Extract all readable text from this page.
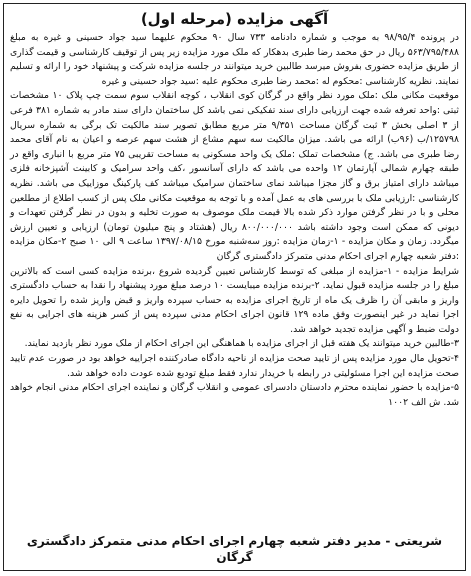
آگهی مزایده (مرحله اول)

در پرونده ۹۸/۹۵/۴ به موجب و شماره دادنامه ۷۳۳ سال ۹۰ محکوم علیهما سید جواد حسینی و غیره به مبلغ ۵۶۳/۷۹۵/۴۸۸ ریال در حق محمد رضا طبری بدهکار که ملک مورد مزایده زیر پس از توقیف کارشناسی و قیمت گذاری از طریق مزایده حضوری بفروش میرسد طالبین خرید میتوانند در جلسه مزایده شرکت و پیشنهاد خود را ارائه و تسلیم نمایند. نظریه کارشناسی :محکوم له :محمد رضا طبری محکوم علیه :سید جواد حسینی و غیره

موقعیت مکانی ملک :ملک مورد نظر واقع در گرگان کوی انقلاب ، کوچه انقلاب سوم سمت چپ پلاک ۱۰ مشخصات ثبتی :واحد تعرفه شده جهت ارزیابی دارای سند تفکیکی نمی باشد کل ساختمان دارای سند مادر به شماره ۳۸۱ فرعی از ۳ اصلی بخش ۳ ثبت گرگان مساحت ۹/۳۵۱ متر مربع مطابق تصویر سند مالکیت تک برگی به شماره سریال ۱۲۵۷۹۸/ب (۹۶ب) ارائه می باشد. میزان مالکیت سه سهم مشاع از هشت سهم عرصه و اعیان به نام آقای محمد رضا طبری می باشد. ج) مشخصات تملک :ملک یک واحد مسکونی به مساحت تقریبی ۷۵ متر مربع با انباری واقع در طبقه چهارم شمالی آپارتمان ۱۲ واحده می باشد که دارای آسانسور ،کف واحد سرامیک و کابینت آشپزخانه فلزی میباشد دارای امتیاز برق و گاز مجزا میباشد نمای ساختمان سرامیک میباشد کف پارکینگ موزاییک می باشد. نظریه کارشناسی :ارزیابی ملک با بررسی های به عمل آمده و با توجه به موقعیت مکانی ملک پس از کسب اطلاع از مطلعین محلی و با در نظر گرفتن موارد ذکر شده بالا قیمت ملک موصوف به صورت تخلیه و بدون در نظر گرفتن تعهدات و دیونی که ممکن است وجود داشته باشد ۸۰۰/۰۰۰/۰۰۰ ریال (هشتاد و پنج میلیون تومان) ارزیابی و تعیین ارزش میگردد. زمان و مکان مزایده - ۱-زمان مزایده :روز سه‌شنبه مورخ ۱۳۹۷/۰۸/۱۵ ساعت ۹ الی ۱۰ صبح ۲-مکان مزایده :دفتر شعبه چهارم اجرای احکام مدنی متمرکز دادگستری گرگان

شرایط مزایده - ۱-مزایده از مبلغی که توسط کارشناس تعیین گردیده شروع ،برنده مزایده کسی است که بالاترین مبلغ را در جلسه مزایده قبول نماید. ۲-برنده مزایده میبایست ۱۰ درصد مبلغ مورد پیشنهاد را نقدا به حساب دادگستری واریز و مابقی آن را ظرف یک ماه از تاریخ اجرای مزایده به حساب سپرده واریز و قبض واریز شده را تحویل دایره اجرا نماید در غیر اینصورت وفق ماده ۱۲۹ قانون اجرای احکام مدنی سپرده پس از کسر هزینه های اجرایی به نفع دولت ضبط و آگهی مزایده تجدید خواهد شد.

۳-طالبین خرید میتوانند یک هفته قبل از اجرای مزایده با هماهنگی این اجرای احکام از ملک مورد نظر بازدید نمایند.

۴-تحویل مال مورد مزایده پس از تایید صحت مزایده از ناحیه دادگاه صادرکننده اجراییه خواهد بود در صورت عدم تایید صحت مزایده این اجرا مسئولیتی در رابطه با خریدار ندارد فقط مبلغ تودیع شده عودت داده خواهد شد.

۵-مزایده با حضور نماینده محترم دادستان دادسرای عمومی و انقلاب گرگان و نماینده اجرای احکام مدنی انجام خواهد شد. ش الف ۱۰۰۲

شریعتی - مدیر دفتر شعبه چهارم اجرای احکام مدنی متمرکز دادگستری گرگان
